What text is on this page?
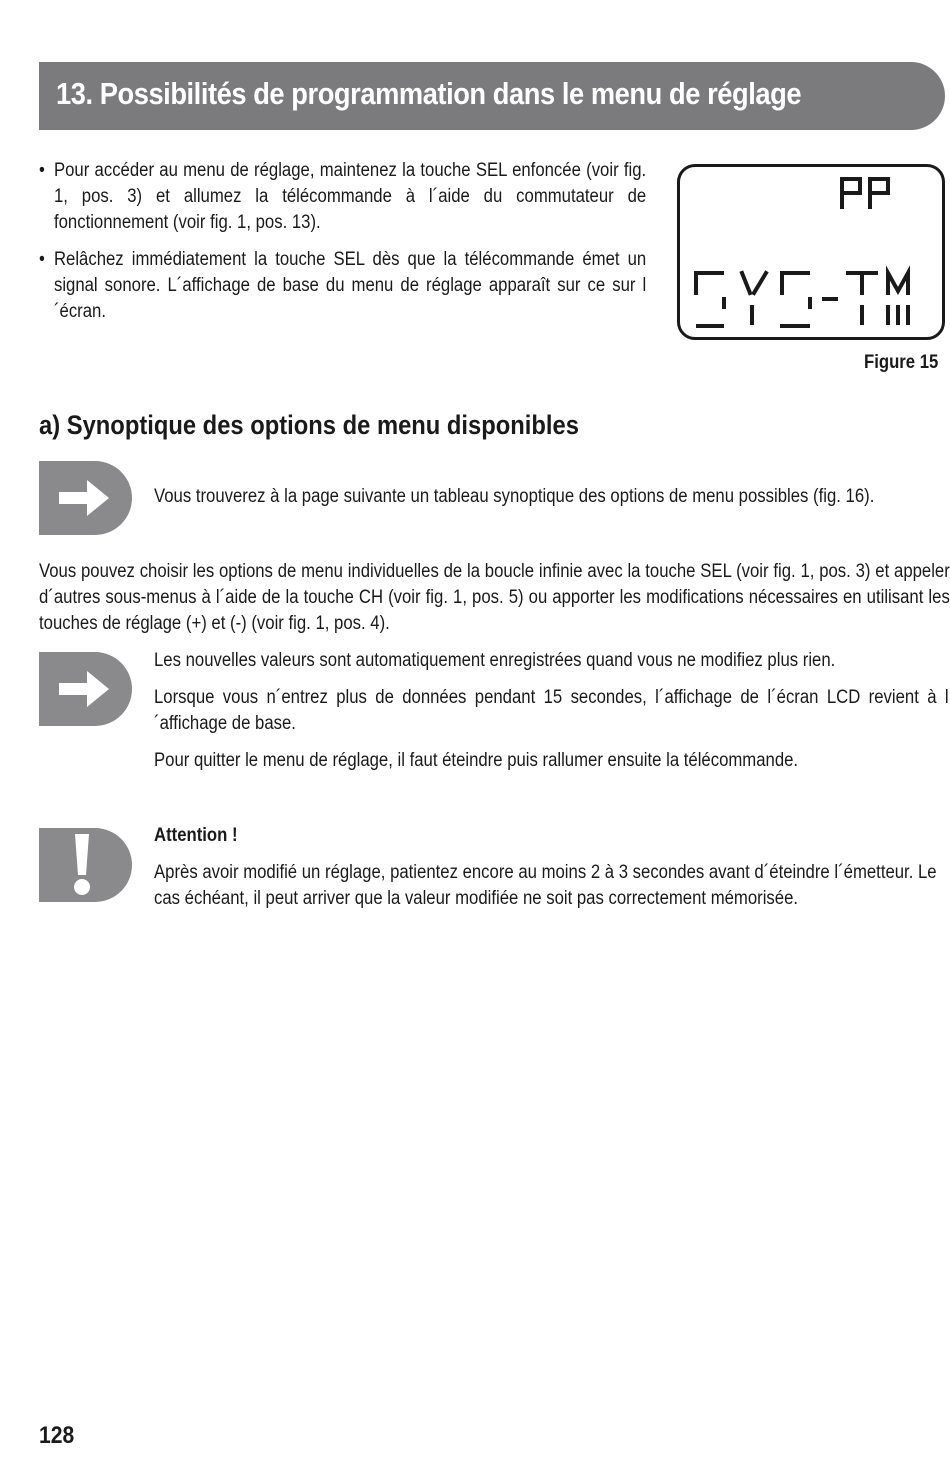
13. Possibilités de programmation dans le menu de réglage
• Pour accéder au menu de réglage, maintenez la touche SEL enfoncée (voir fig. 1, pos. 3) et allumez la télécommande à l´aide du commutateur de fonctionnement (voir fig. 1, pos. 13).
• Relâchez immédiatement la touche SEL dès que la télécommande émet un signal sonore. L´affichage de base du menu de réglage apparaît sur ce sur l´écran.
Figure 15
a) Synoptique des options de menu disponibles
Vous trouverez à la page suivante un tableau synoptique des options de menu possibles (fig. 16).
Vous pouvez choisir les options de menu individuelles de la boucle infinie avec la touche SEL (voir fig. 1, pos. 3) et appeler d´autres sous-menus à l´aide de la touche CH (voir fig. 1, pos. 5) ou apporter les modifications nécessaires en utilisant les touches de réglage (+) et (-) (voir fig. 1, pos. 4).

Les nouvelles valeurs sont automatiquement enregistrées quand vous ne modifiez plus rien.

Lorsque vous n´entrez plus de données pendant 15 secondes, l´affichage de l´écran LCD revient à l´affichage de base.

Pour quitter le menu de réglage, il faut éteindre puis rallumer ensuite la télécommande.

Attention !

Après avoir modifié un réglage, patientez encore au moins 2 à 3 secondes avant d´éteindre l´émetteur. Le cas échéant, il peut arriver que la valeur modifiée ne soit pas correctement mémorisée.

128
